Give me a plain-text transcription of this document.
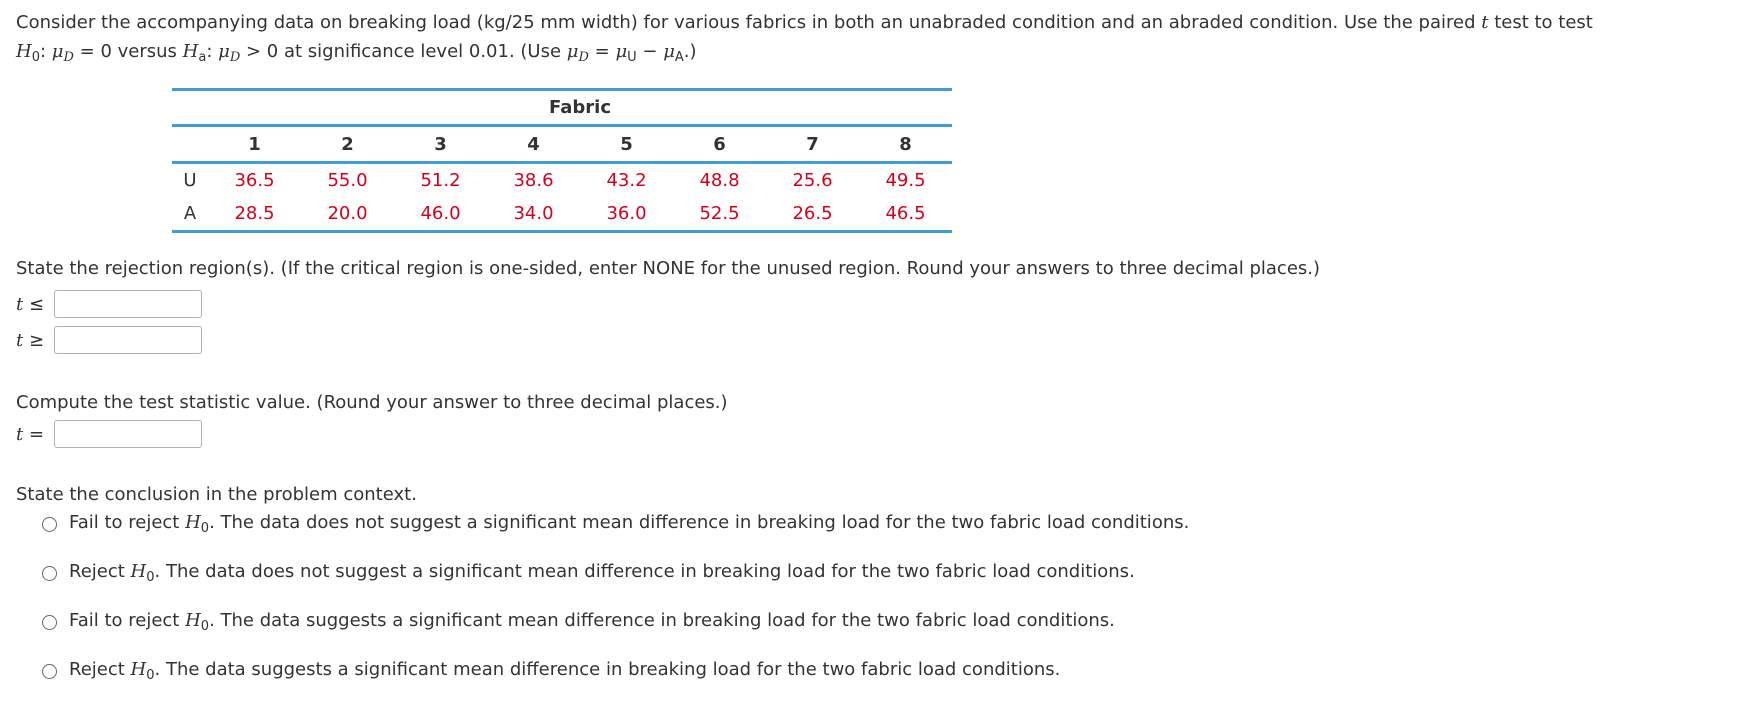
Consider the accompanying data on breaking load (kg/25 mm width) for various fabrics in both an unabraded condition and an abraded condition. Use the paired t test to test
$H_0$: $\mu_D = 0$ versus $H_a$: $\mu_D > 0$ at significance level 0.01. (Use $\mu_D = \mu_U - \mu_A$.)
	Fabric							
	1	2	3	4	5	6	7	8
U	36.5	55.0	51.2	38.6	43.2	48.8	25.6	49.5
A	28.5	20.0	46.0	34.0	36.0	52.5	26.5	46.5
State the rejection region(s). (If the critical region is one-sided, enter NONE for the unused region. Round your answers to three decimal places.)
t ≤
t ≥
Compute the test statistic value. (Round your answer to three decimal places.)
t =
State the conclusion in the problem context.
Fail to reject $H_0$. The data does not suggest a significant mean difference in breaking load for the two fabric load conditions.
Reject $H_0$. The data does not suggest a significant mean difference in breaking load for the two fabric load conditions.
Fail to reject $H_0$. The data suggests a significant mean difference in breaking load for the two fabric load conditions.
Reject $H_0$. The data suggests a significant mean difference in breaking load for the two fabric load conditions.
